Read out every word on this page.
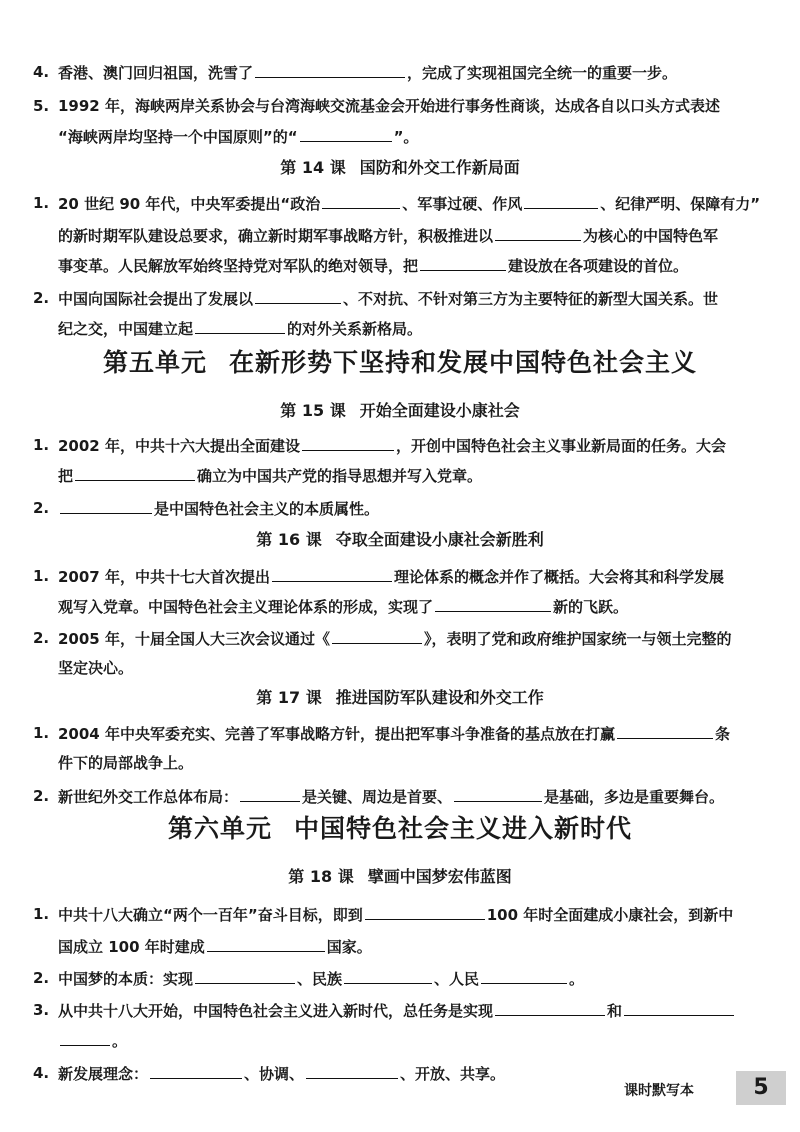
4. 香港、澳门回归祖国，洗雪了	，完成了实现祖国完全统一的重要一步。
5. 1992 年，海峡两岸关系协会与台湾海峡交流基金会开始进行事务性商谈，达成各自以口头方式表述
“海峡两岸均坚持一个中国原则”的“	”。
第 14 课 国防和外交工作新局面
1. 20 世纪 90 年代，中央军委提出“政治	、军事过硬、作风	、纪律严明、保障有力”
的新时期军队建设总要求，确立新时期军事战略方针，积极推进以	为核心的中国特色军
事变革。人民解放军始终坚持党对军队的绝对领导，把	建设放在各项建设的首位。
2. 中国向国际社会提出了发展以	、不对抗、不针对第三方为主要特征的新型大国关系。世
纪之交，中国建立起	的对外关系新格局。
第五单元 在新形势下坚持和发展中国特色社会主义
第 15 课 开始全面建设小康社会
1. 2002 年，中共十六大提出全面建设	，开创中国特色社会主义事业新局面的任务。大会
把	确立为中国共产党的指导思想并写入党章。
2.	是中国特色社会主义的本质属性。
第 16 课 夺取全面建设小康社会新胜利
1. 2007 年，中共十七大首次提出	理论体系的概念并作了概括。大会将其和科学发展
观写入党章。中国特色社会主义理论体系的形成，实现了	新的飞跃。
2. 2005 年，十届全国人大三次会议通过《	》，表明了党和政府维护国家统一与领土完整的
坚定决心。
第 17 课 推进国防军队建设和外交工作
1. 2004 年中央军委充实、完善了军事战略方针，提出把军事斗争准备的基点放在打赢	条
件下的局部战争上。
2. 新世纪外交工作总体布局：	是关键、周边是首要、	是基础，多边是重要舞台。
第六单元 中国特色社会主义进入新时代
第 18 课 擘画中国梦宏伟蓝图
1. 中共十八大确立“两个一百年”奋斗目标，即到	100 年时全面建成小康社会，到新中
国成立 100 年时建成	国家。
2. 中国梦的本质：实现	、民族	、人民	。
3. 从中共十八大开始，中国特色社会主义进入新时代，总任务是实现	和
。
4. 新发展理念：	、协调、	、开放、共享。
课时默写本	5
